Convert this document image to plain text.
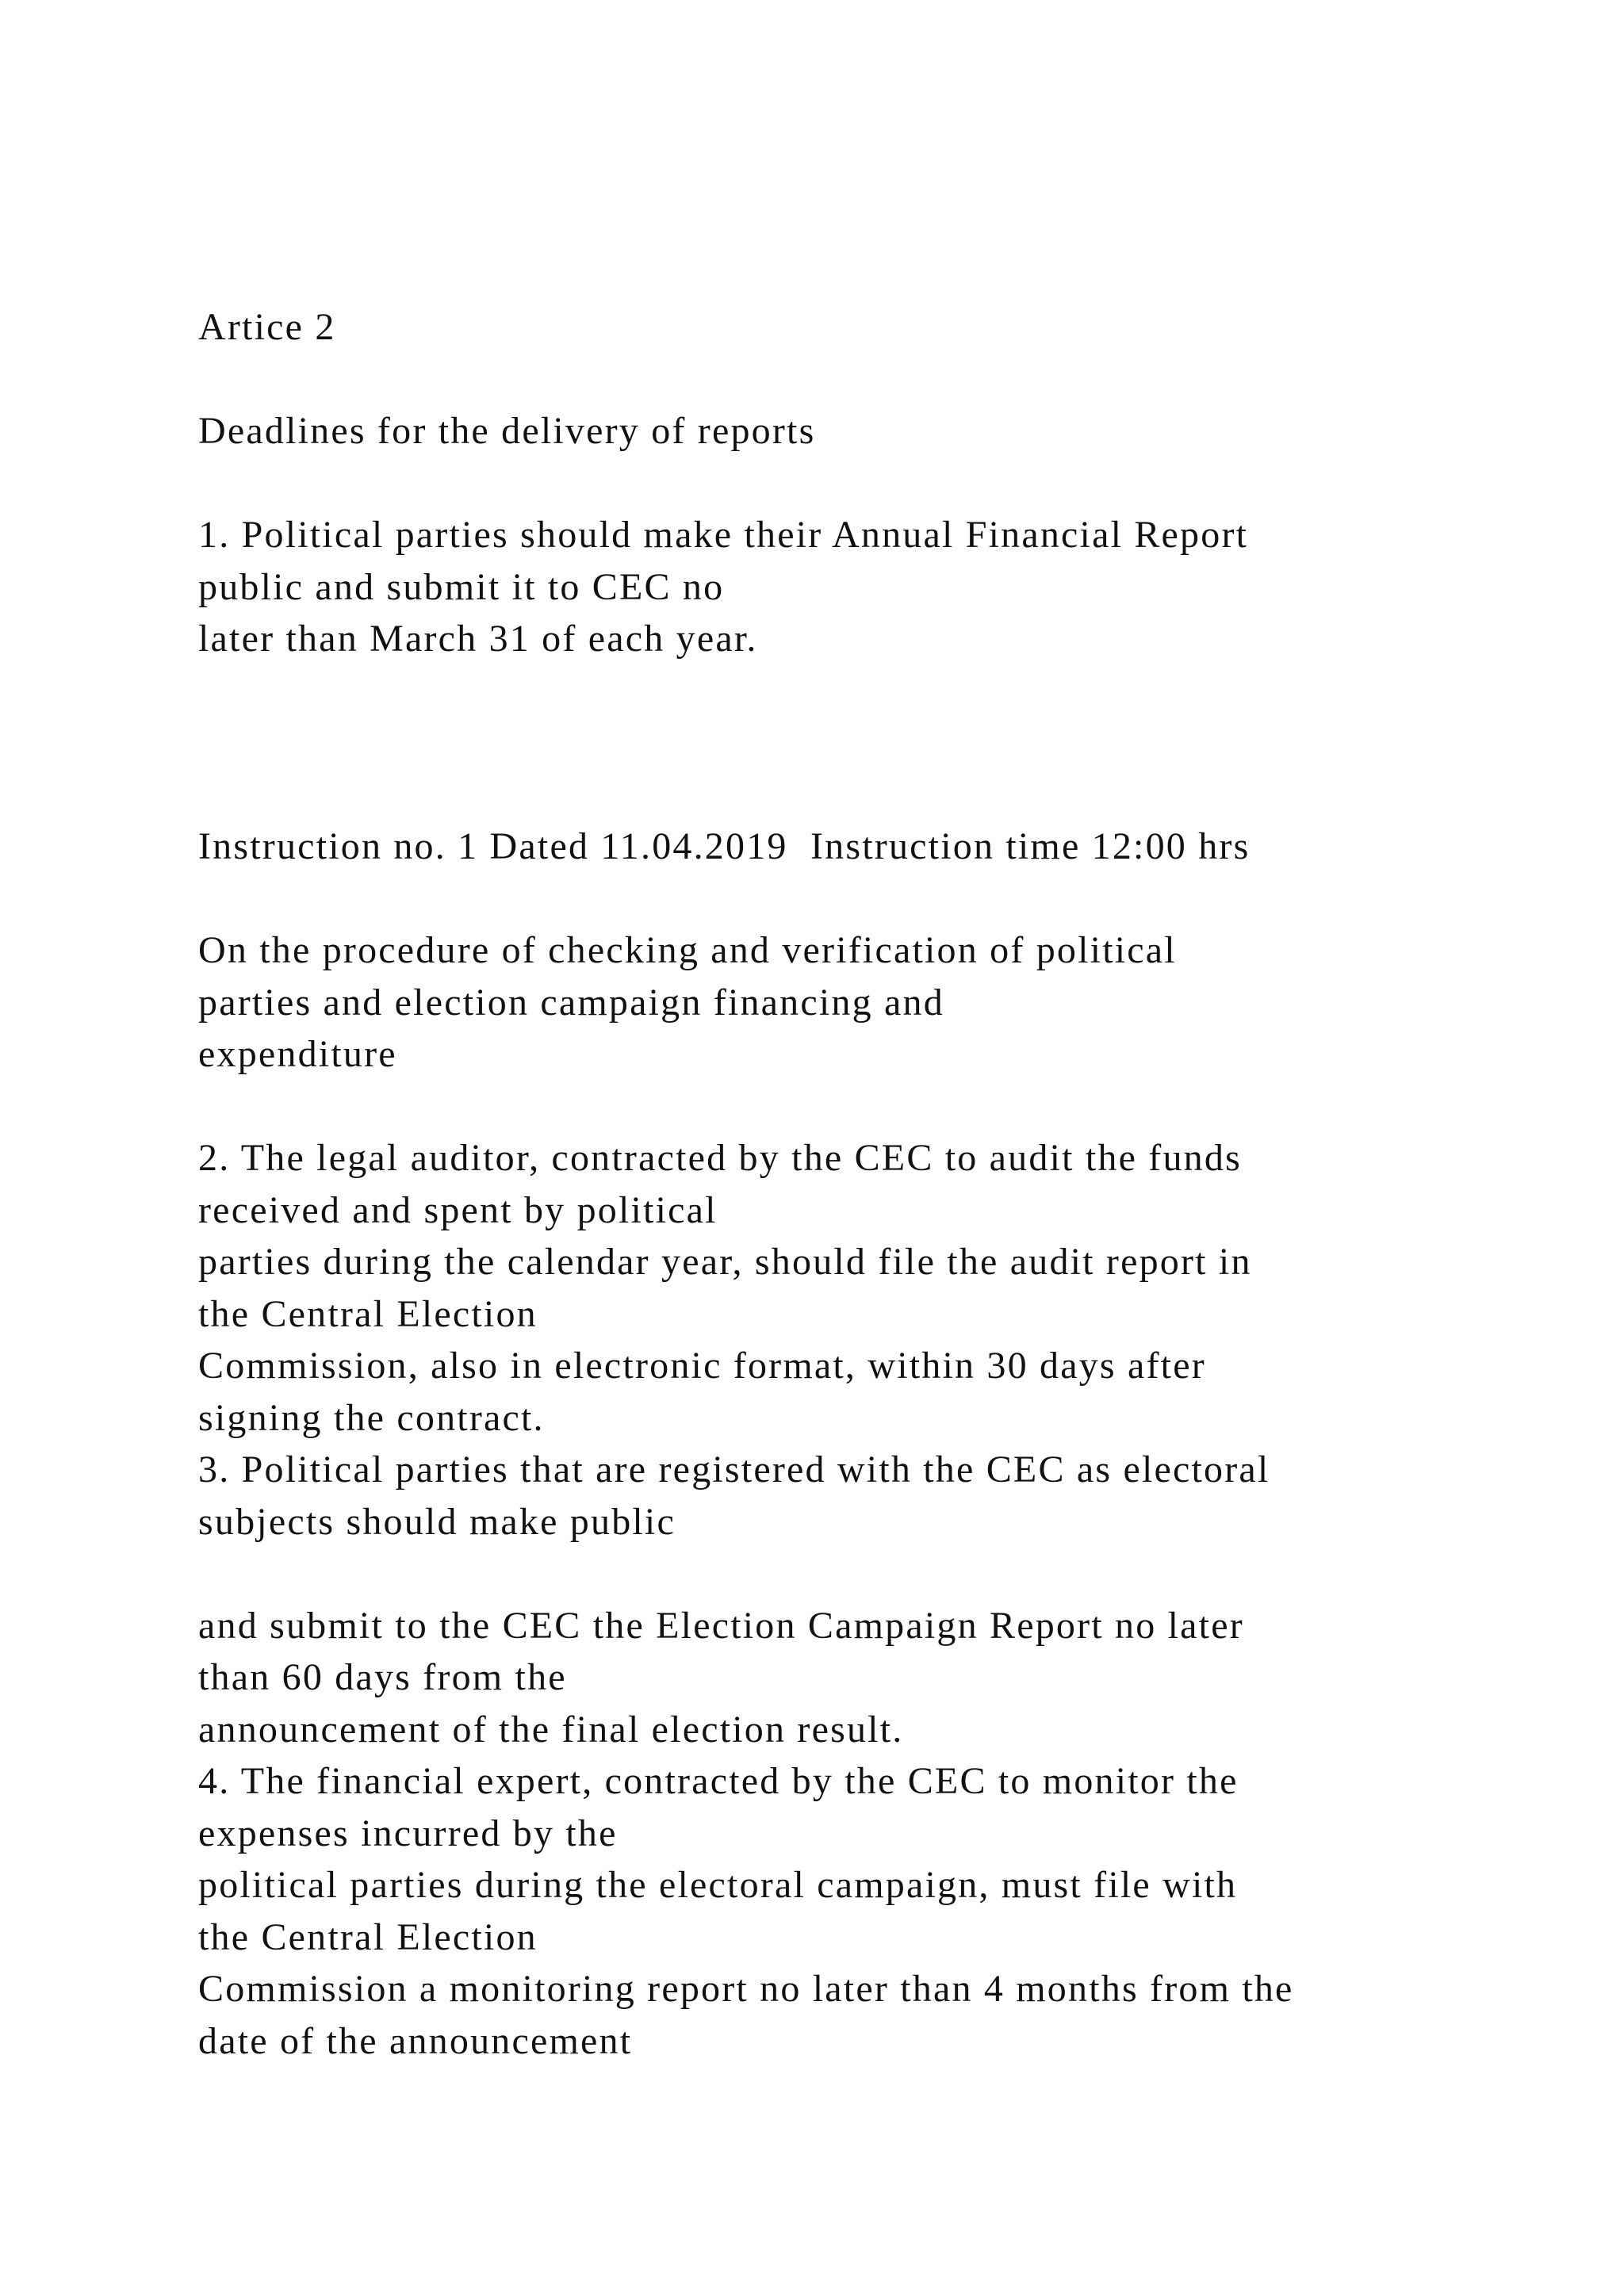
Artice 2
Deadlines for the delivery of reports
1. Political parties should make their Annual Financial Report
public and submit it to CEC no
later than March 31 of each year.
Instruction no. 1 Dated 11.04.2019  Instruction time 12:00 hrs
On the procedure of checking and verification of political
parties and election campaign financing and
expenditure
2. The legal auditor, contracted by the CEC to audit the funds
received and spent by political
parties during the calendar year, should file the audit report in
the Central Election
Commission, also in electronic format, within 30 days after
signing the contract.
3. Political parties that are registered with the CEC as electoral
subjects should make public
and submit to the CEC the Election Campaign Report no later
than 60 days from the
announcement of the final election result.
4. The financial expert, contracted by the CEC to monitor the
expenses incurred by the
political parties during the electoral campaign, must file with
the Central Election
Commission a monitoring report no later than 4 months from the
date of the announcement
